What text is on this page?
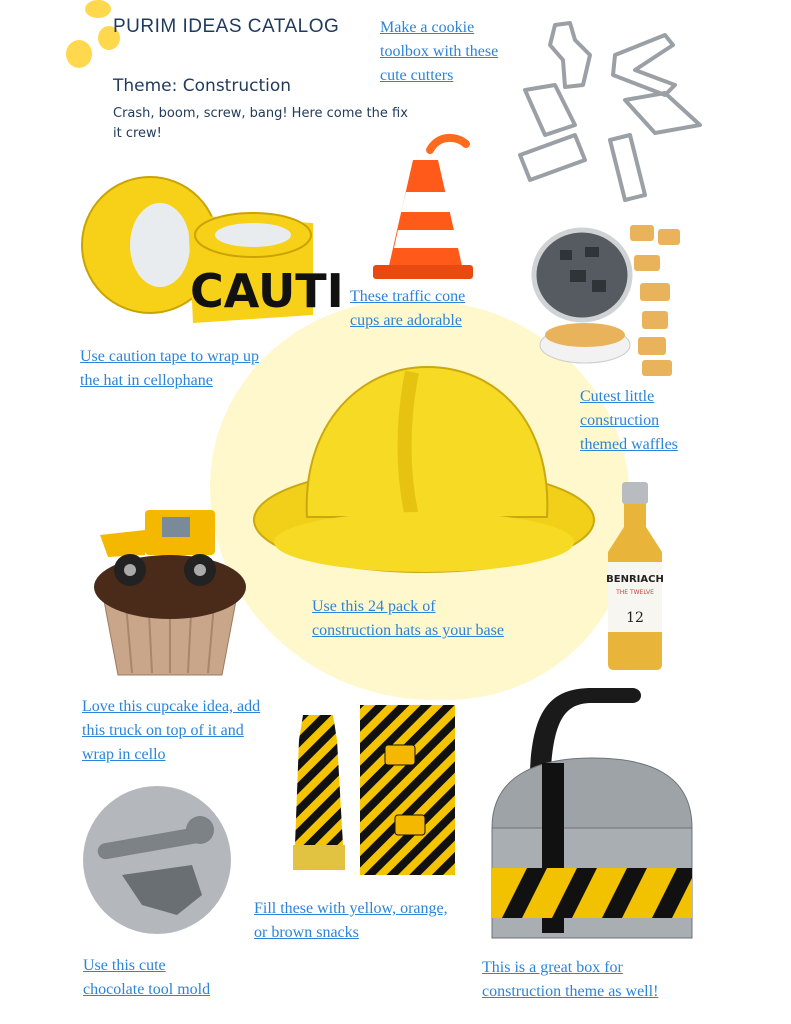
PURIM IDEAS CATALOG
Theme: Construction
Crash, boom, screw, bang! Here come the fix it crew!
Make a cookie
toolbox with these
cute cutters
CAUTI These traffic cone
cups are adorable
Use caution tape to wrap up
the hat in cellophane
Cutest little
construction
themed waffles
Use this 24 pack of
construction hats as your base
BENRIACH
THE TWELVE
12
Love this cupcake idea, add
this truck on top of it and
wrap in cello
Fill these with yellow, orange,
or brown snacks
Use this cute
chocolate tool mold
This is a great box for
construction theme as well!
